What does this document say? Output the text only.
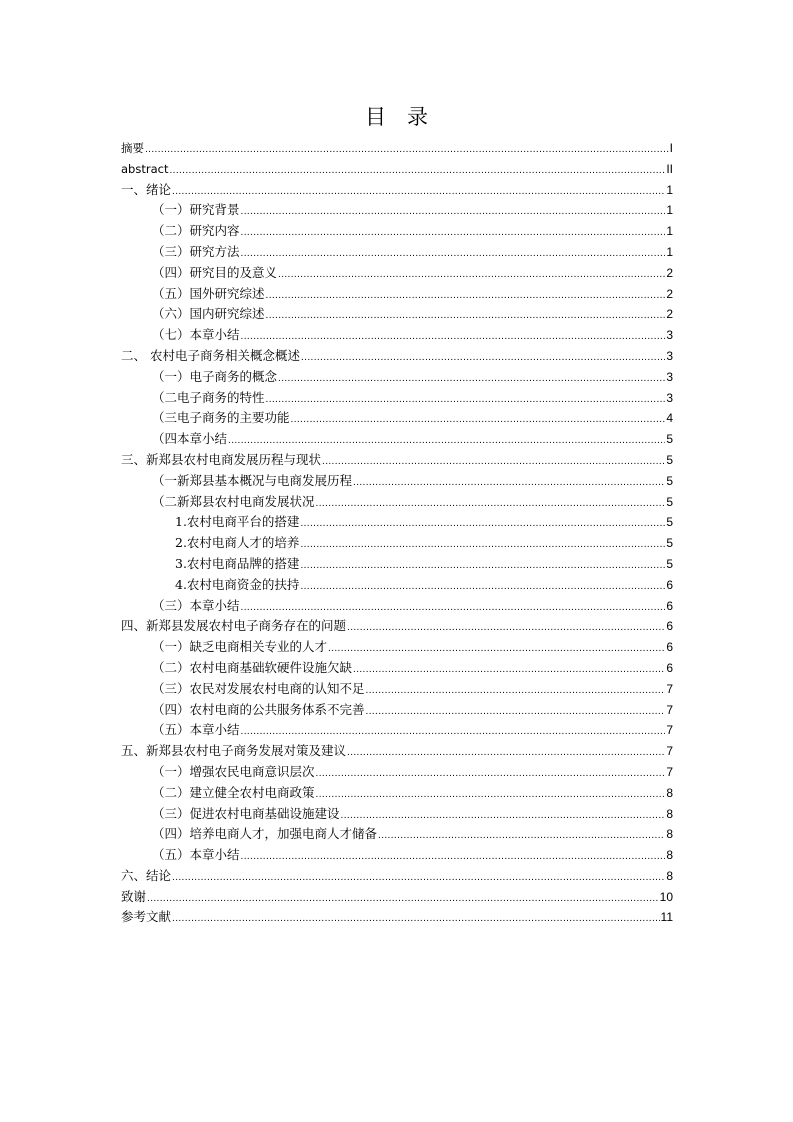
目　录
摘要 .....	I
abstract .....	II
一、绪论 .....	1
（一）研究背景 .....	1
（二）研究内容 .....	1
（三）研究方法 .....	1
（四）研究目的及意义 .....	2
（五）国外研究综述 .....	2
（六）国内研究综述 .....	2
（七）本章小结 .....	3
二、 农村电子商务相关概念概述 .....	3
（一）电子商务的概念 .....	3
（二电子商务的特性 .....	3
（三电子商务的主要功能 .....	4
（四本章小结 .....	5
三、新郑县农村电商发展历程与现状 .....	5
（一新郑县基本概况与电商发展历程 .....	5
（二新郑县农村电商发展状况 .....	5
1.农村电商平台的搭建 .....	5
2.农村电商人才的培养 .....	5
3.农村电商品牌的搭建 .....	5
4.农村电商资金的扶持 .....	6
（三）本章小结 .....	6
四、新郑县发展农村电子商务存在的问题 .....	6
（一）缺乏电商相关专业的人才 .....	6
（二）农村电商基础软硬件设施欠缺 .....	6
（三）农民对发展农村电商的认知不足 .....	7
（四）农村电商的公共服务体系不完善 .....	7
（五）本章小结 .....	7
五、新郑县农村电子商务发展对策及建议 .....	7
（一）增强农民电商意识层次 .....	7
（二）建立健全农村电商政策 .....	8
（三）促进农村电商基础设施建设 .....	8
（四）培养电商人才，加强电商人才储备 .....	8
（五）本章小结 .....	8
六、结论 .....	8
致谢 .....	10
参考文献 .....	11
